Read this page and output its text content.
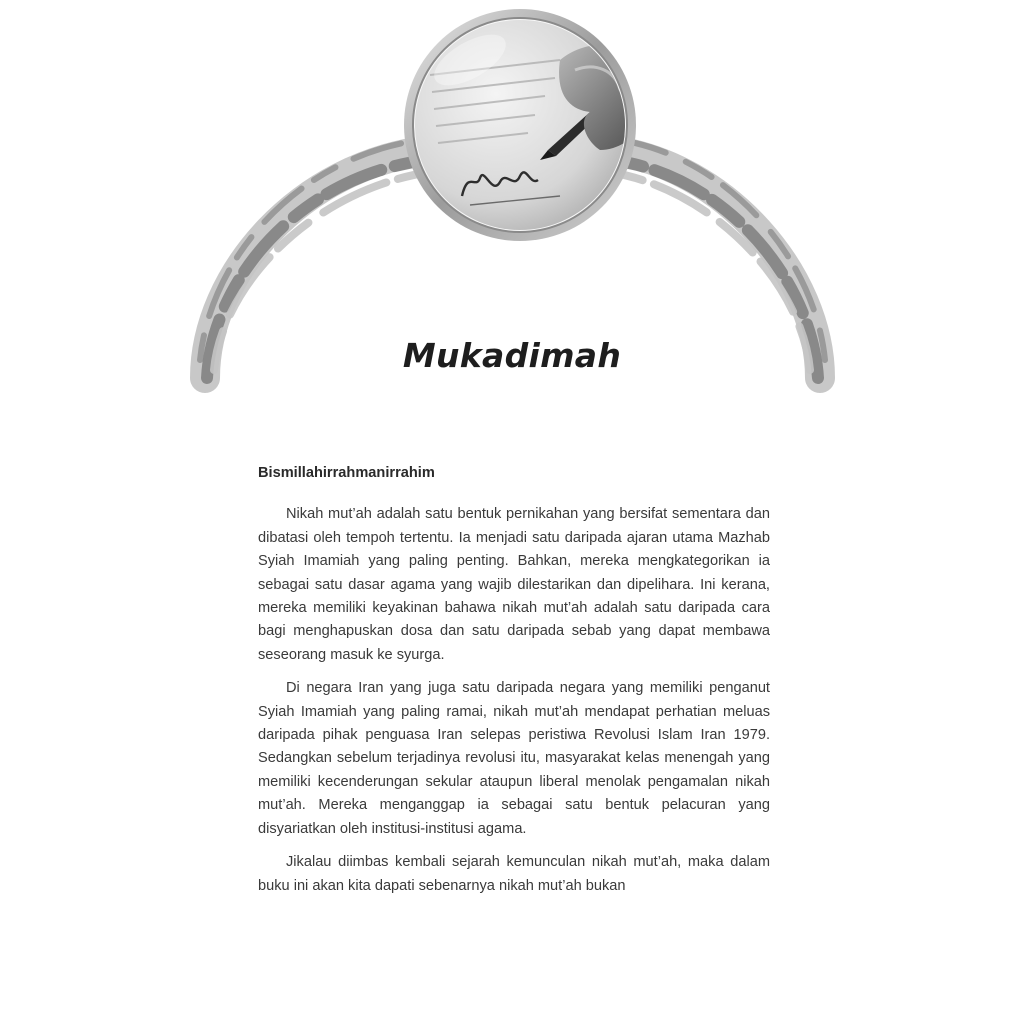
Mukadimah

Bismillahirrahmanirrahim

Nikah mut’ah adalah satu bentuk pernikahan yang bersifat sementara dan dibatasi oleh tempoh tertentu. Ia menjadi satu daripada ajaran utama Mazhab Syiah Imamiah yang paling penting. Bahkan, mereka mengkategorikan ia sebagai satu dasar agama yang wajib dilestarikan dan dipelihara. Ini kerana, mereka memiliki keyakinan bahawa nikah mut’ah adalah satu daripada cara bagi menghapuskan dosa dan satu daripada sebab yang dapat membawa seseorang masuk ke syurga.

Di negara Iran yang juga satu daripada negara yang memiliki penganut Syiah Imamiah yang paling ramai, nikah mut’ah mendapat perhatian meluas daripada pihak penguasa Iran selepas peristiwa Revolusi Islam Iran 1979. Sedangkan sebelum terjadinya revolusi itu, masyarakat kelas menengah yang memiliki kecenderungan sekular ataupun liberal menolak pengamalan nikah mut’ah. Mereka menganggap ia sebagai satu bentuk pelacuran yang disyariatkan oleh institusi-institusi agama.

Jikalau diimbas kembali sejarah kemunculan nikah mut’ah, maka dalam buku ini akan kita dapati sebenarnya nikah mut’ah bukan
